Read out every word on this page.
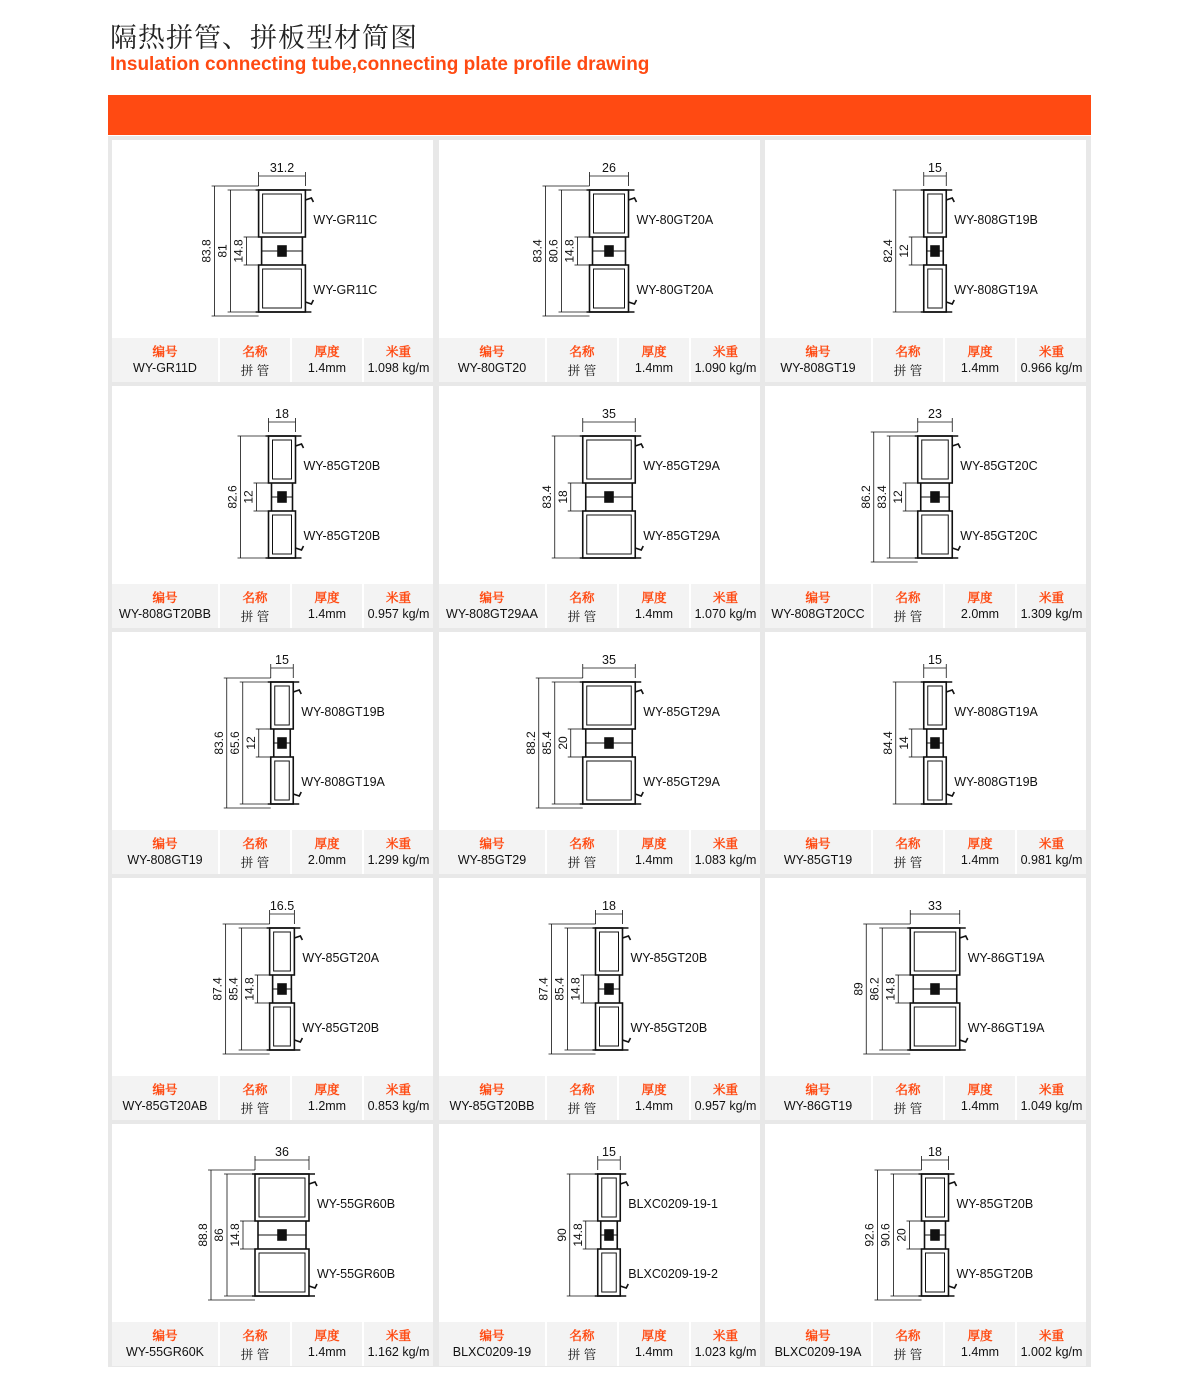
隔热拼管、拼板型材简图
Insulation connecting tube,connecting plate profile drawing
31.2
83.8 81 14.8
WY-GR11C
WY-GR11C
编号
WY-GR11D
名称
拼 管
厚度
1.4mm
米重
1.098 kg/m
26
83.4 80.6 14.8
WY-80GT20A
WY-80GT20A
编号
WY-80GT20
名称
拼 管
厚度
1.4mm
米重
1.090 kg/m
15
82.4 12
WY-808GT19B
WY-808GT19A
编号
WY-808GT19
名称
拼 管
厚度
1.4mm
米重
0.966 kg/m
18
82.6 12
WY-85GT20B
WY-85GT20B
编号
WY-808GT20BB
名称
拼 管
厚度
1.4mm
米重
0.957 kg/m
35
83.4 18
WY-85GT29A
WY-85GT29A
编号
WY-808GT29AA
名称
拼 管
厚度
1.4mm
米重
1.070 kg/m
23
86.2 83.4 12
WY-85GT20C
WY-85GT20C
编号
WY-808GT20CC
名称
拼 管
厚度
2.0mm
米重
1.309 kg/m
15
83.6 65.6 12
WY-808GT19B
WY-808GT19A
编号
WY-808GT19
名称
拼 管
厚度
2.0mm
米重
1.299 kg/m
35
88.2 85.4 20
WY-85GT29A
WY-85GT29A
编号
WY-85GT29
名称
拼 管
厚度
1.4mm
米重
1.083 kg/m
15
84.4 14
WY-808GT19A
WY-808GT19B
编号
WY-85GT19
名称
拼 管
厚度
1.4mm
米重
0.981 kg/m
16.5
87.4 85.4 14.8
WY-85GT20A
WY-85GT20B
编号
WY-85GT20AB
名称
拼 管
厚度
1.2mm
米重
0.853 kg/m
18
87.4 85.4 14.8
WY-85GT20B
WY-85GT20B
编号
WY-85GT20BB
名称
拼 管
厚度
1.4mm
米重
0.957 kg/m
33
89 86.2 14.8
WY-86GT19A
WY-86GT19A
编号
WY-86GT19
名称
拼 管
厚度
1.4mm
米重
1.049 kg/m
36
88.8 86 14.8
WY-55GR60B
WY-55GR60B
编号
WY-55GR60K
名称
拼 管
厚度
1.4mm
米重
1.162 kg/m
15
90 14.8
BLXC0209-19-1
BLXC0209-19-2
编号
BLXC0209-19
名称
拼 管
厚度
1.4mm
米重
1.023 kg/m
18
92.6 90.6 20
WY-85GT20B
WY-85GT20B
编号
BLXC0209-19A
名称
拼 管
厚度
1.4mm
米重
1.002 kg/m
